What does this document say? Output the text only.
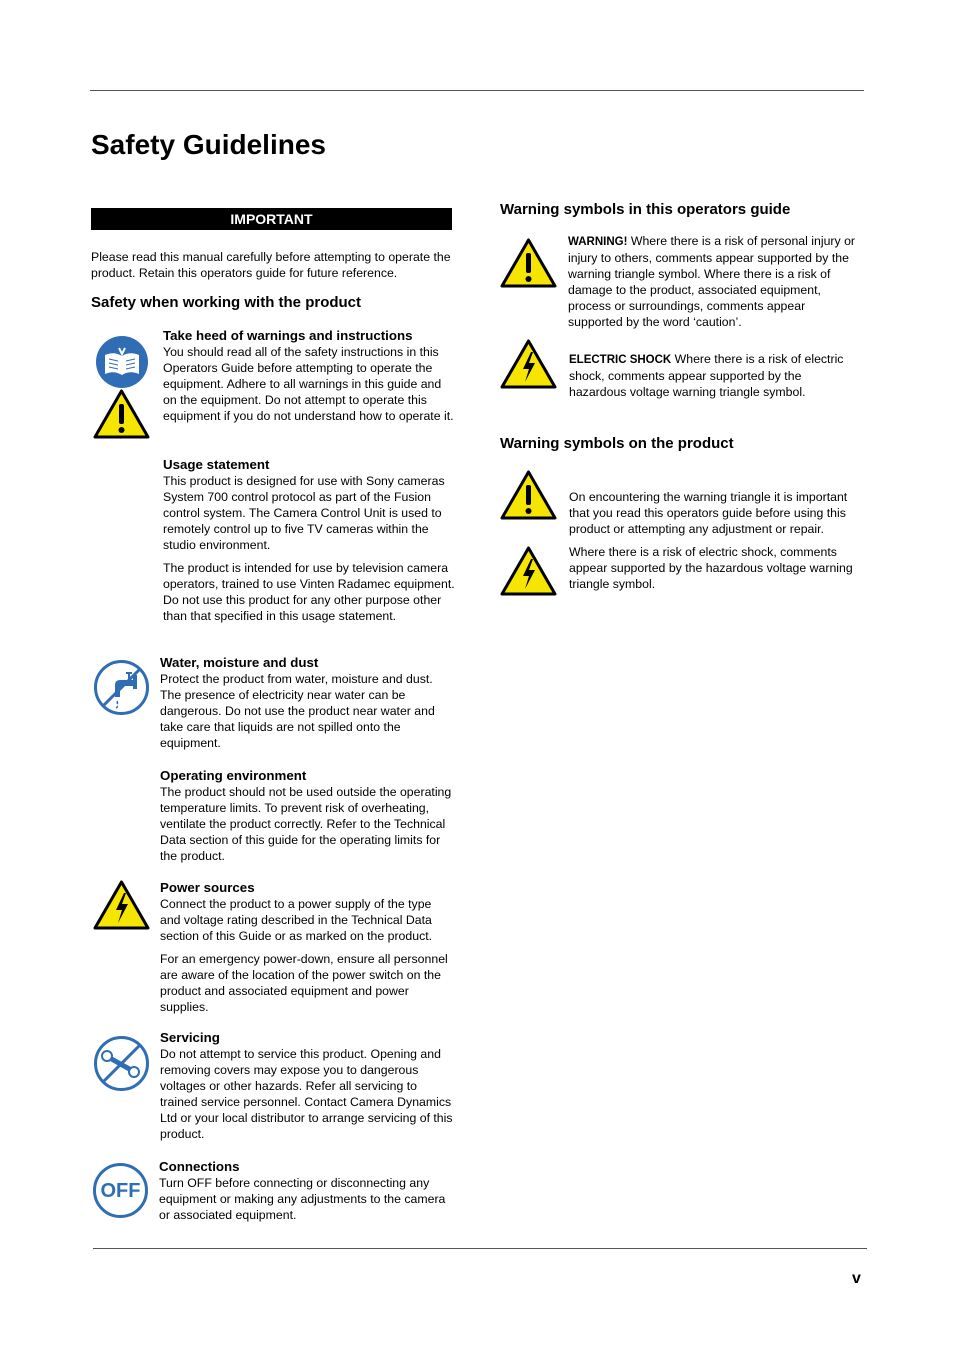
Safety Guidelines
IMPORTANT

Please read this manual carefully before attempting to operate the product. Retain this operators guide for future reference.

Safety when working with the product

Take heed of warnings and instructions

You should read all of the safety instructions in this Operators Guide before attempting to operate the equipment. Adhere to all warnings in this guide and on the equipment. Do not attempt to operate this equipment if you do not understand how to operate it.

Usage statement

This product is designed for use with Sony cameras System 700 control protocol as part of the Fusion control system. The Camera Control Unit is used to remotely control up to five TV cameras within the studio environment.

The product is intended for use by television camera operators, trained to use Vinten Radamec equipment. Do not use this product for any other purpose other than that specified in this usage statement.

Water, moisture and dust

Protect the product from water, moisture and dust. The presence of electricity near water can be dangerous. Do not use the product near water and take care that liquids are not spilled onto the equipment.

Operating environment

The product should not be used outside the operating temperature limits. To prevent risk of overheating, ventilate the product correctly. Refer to the Technical Data section of this guide for the operating limits for the product.

Power sources

Connect the product to a power supply of the type and voltage rating described in the Technical Data section of this Guide or as marked on the product.

For an emergency power-down, ensure all personnel are aware of the location of the power switch on the product and associated equipment and power supplies.

Servicing

Do not attempt to service this product. Opening and removing covers may expose you to dangerous voltages or other hazards. Refer all servicing to trained service personnel. Contact Camera Dynamics Ltd or your local distributor to arrange servicing of this product.

OFF

Connections

Turn OFF before connecting or disconnecting any equipment or making any adjustments to the camera or associated equipment.

Warning symbols in this operators guide

WARNING! Where there is a risk of personal injury or injury to others, comments appear supported by the warning triangle symbol. Where there is a risk of damage to the product, associated equipment, process or surroundings, comments appear supported by the word ‘caution’.

ELECTRIC SHOCK Where there is a risk of electric shock, comments appear supported by the hazardous voltage warning triangle symbol.

Warning symbols on the product

On encountering the warning triangle it is important that you read this operators guide before using this product or attempting any adjustment or repair.

Where there is a risk of electric shock, comments appear supported by the hazardous voltage warning triangle symbol.

v
